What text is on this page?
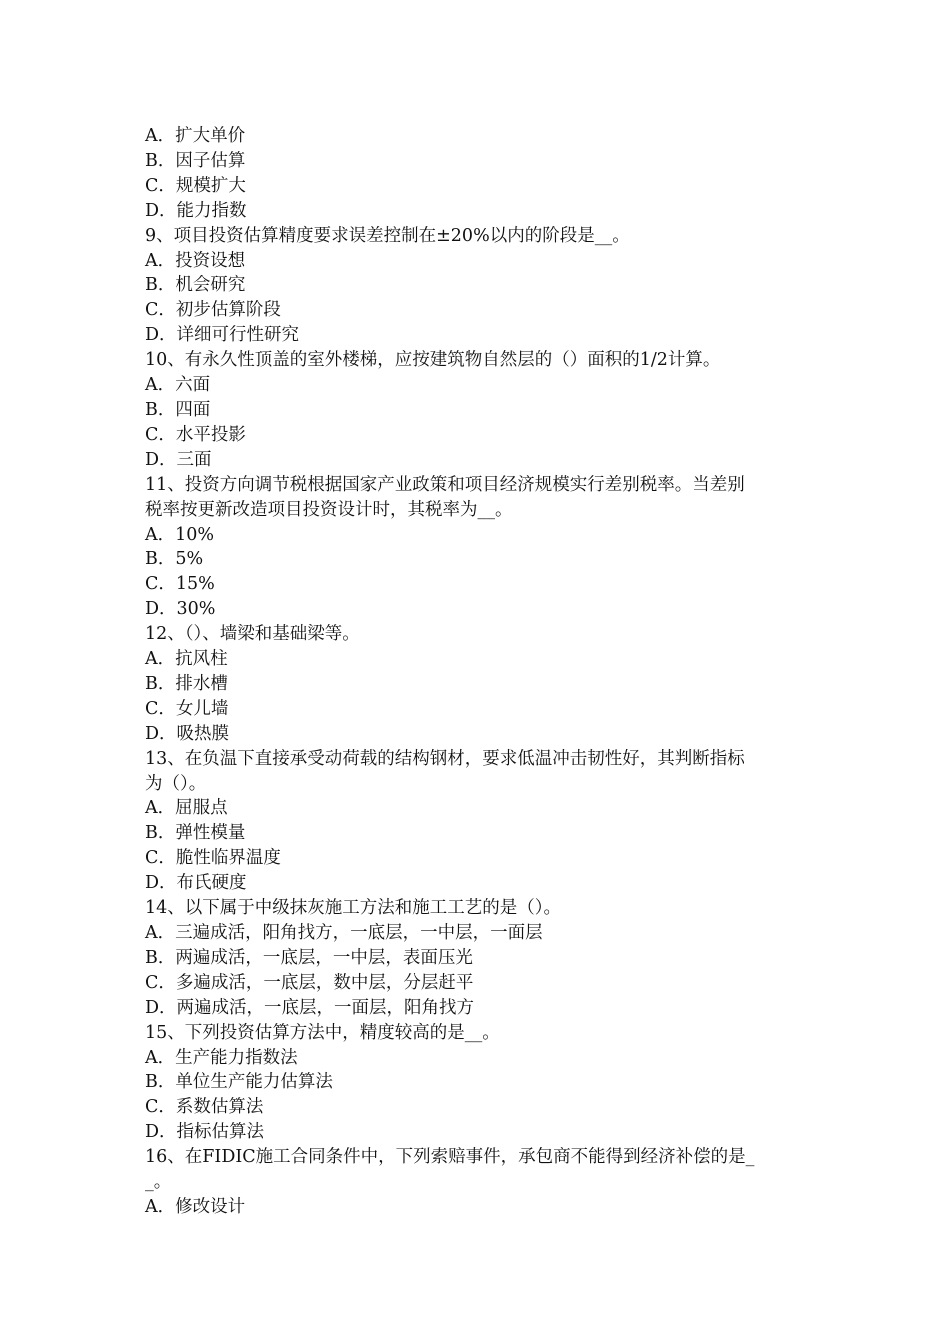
A．扩大单价
B．因子估算
C．规模扩大
D．能力指数
9、项目投资估算精度要求误差控制在±20%以内的阶段是__。
A．投资设想
B．机会研究
C．初步估算阶段
D．详细可行性研究
10、有永久性顶盖的室外楼梯，应按建筑物自然层的（）面积的1/2计算。
A．六面
B．四面
C．水平投影
D．三面
11、投资方向调节税根据国家产业政策和项目经济规模实行差别税率。当差别
税率按更新改造项目投资设计时，其税率为__。
A．10%
B．5%
C．15%
D．30%
12、（）、墙梁和基础梁等。
A．抗风柱
B．排水槽
C．女儿墙
D．吸热膜
13、在负温下直接承受动荷载的结构钢材，要求低温冲击韧性好，其判断指标
为（）。
A．屈服点
B．弹性模量
C．脆性临界温度
D．布氏硬度
14、以下属于中级抹灰施工方法和施工工艺的是（）。
A．三遍成活，阳角找方，一底层，一中层，一面层
B．两遍成活，一底层，一中层，表面压光
C．多遍成活，一底层，数中层，分层赶平
D．两遍成活，一底层，一面层，阳角找方
15、下列投资估算方法中，精度较高的是__。
A．生产能力指数法
B．单位生产能力估算法
C．系数估算法
D．指标估算法
16、在FIDIC施工合同条件中，下列索赔事件，承包商不能得到经济补偿的是_
_。
A．修改设计
